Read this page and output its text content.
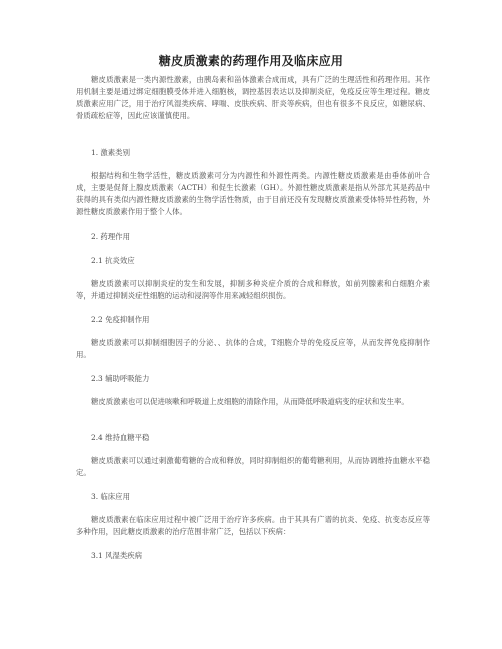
糖皮质激素的药理作用及临床应用
糖皮质激素是一类内源性激素，由胰岛素和甾体激素合成而成，具有广泛的生理活性和药理作用。其作用机制主要是通过绑定细胞膜受体并进入细胞核，调控基因表达以及抑制炎症，免疫反应等生理过程。糖皮质激素应用广泛，用于治疗风湿类疾病、哮喘、皮肤疾病、肝炎等疾病，但也有很多不良反应，如糖尿病、骨质疏松症等，因此应该谨慎使用。
1. 激素类别
根据结构和生物学活性，糖皮质激素可分为内源性和外源性两类。内源性糖皮质激素是由垂体前叶合成，主要是促肾上腺皮质激素（ACTH）和促生长激素（GH）。外源性糖皮质激素是指从外部尤其是药品中获得的具有类似内源性糖皮质激素的生物学活性物质，由于目前还没有发现糖皮质激素受体特异性药物，外源性糖皮质激素作用于整个人体。
2. 药理作用
2.1 抗炎效应
糖皮质激素可以抑制炎症的发生和发展，抑制多种炎症介质的合成和释放，如前列腺素和白细胞介素等，并通过抑制炎症性细胞的运动和浸润等作用来减轻组织损伤。
2.2 免疫抑制作用
糖皮质激素可以抑制细胞因子的分泌、、抗体的合成，T细胞介导的免疫反应等，从而发挥免疫抑制作用。
2.3 辅助呼吸能力
糖皮质激素也可以促进咳嗽和呼吸道上皮细胞的清除作用，从而降低呼吸道病变的症状和发生率。
2.4 维持血糖平稳
糖皮质激素可以通过刺激葡萄糖的合成和释放，同时抑制组织的葡萄糖利用，从而协调维持血糖水平稳定。
3. 临床应用
糖皮质激素在临床应用过程中被广泛用于治疗许多疾病。由于其具有广谱的抗炎、免疫、抗变态反应等多种作用，因此糖皮质激素的治疗范围非常广泛，包括以下疾病：
3.1 风湿类疾病
